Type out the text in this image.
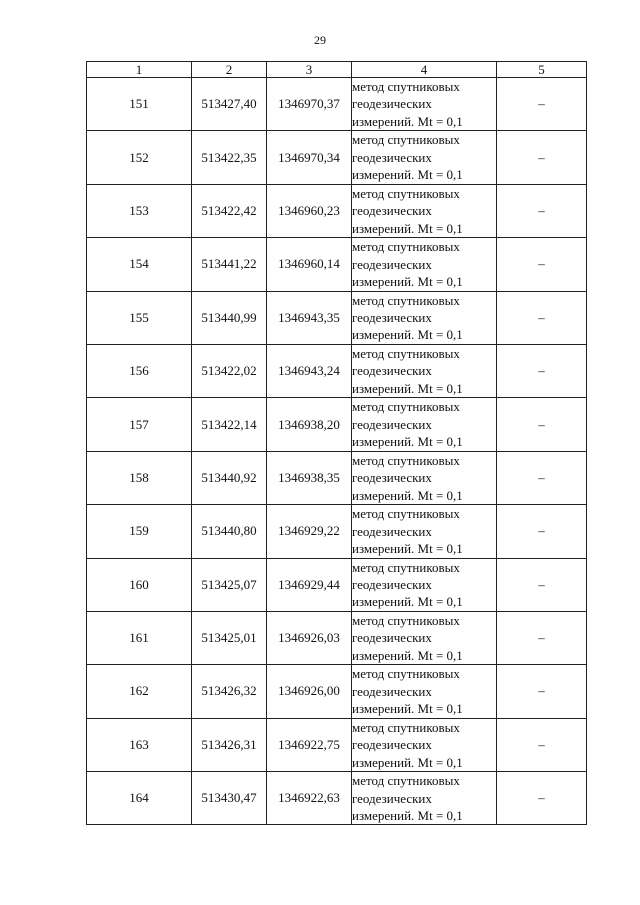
29
1	2	3	4	5
151	513427,40	1346970,37	метод спутниковых
геодезических
измерений. Mt = 0,1	–
152	513422,35	1346970,34	метод спутниковых
геодезических
измерений. Mt = 0,1	–
153	513422,42	1346960,23	метод спутниковых
геодезических
измерений. Mt = 0,1	–
154	513441,22	1346960,14	метод спутниковых
геодезических
измерений. Mt = 0,1	–
155	513440,99	1346943,35	метод спутниковых
геодезических
измерений. Mt = 0,1	–
156	513422,02	1346943,24	метод спутниковых
геодезических
измерений. Mt = 0,1	–
157	513422,14	1346938,20	метод спутниковых
геодезических
измерений. Mt = 0,1	–
158	513440,92	1346938,35	метод спутниковых
геодезических
измерений. Mt = 0,1	–
159	513440,80	1346929,22	метод спутниковых
геодезических
измерений. Mt = 0,1	–
160	513425,07	1346929,44	метод спутниковых
геодезических
измерений. Mt = 0,1	–
161	513425,01	1346926,03	метод спутниковых
геодезических
измерений. Mt = 0,1	–
162	513426,32	1346926,00	метод спутниковых
геодезических
измерений. Mt = 0,1	–
163	513426,31	1346922,75	метод спутниковых
геодезических
измерений. Mt = 0,1	–
164	513430,47	1346922,63	метод спутниковых
геодезических
измерений. Mt = 0,1	–
